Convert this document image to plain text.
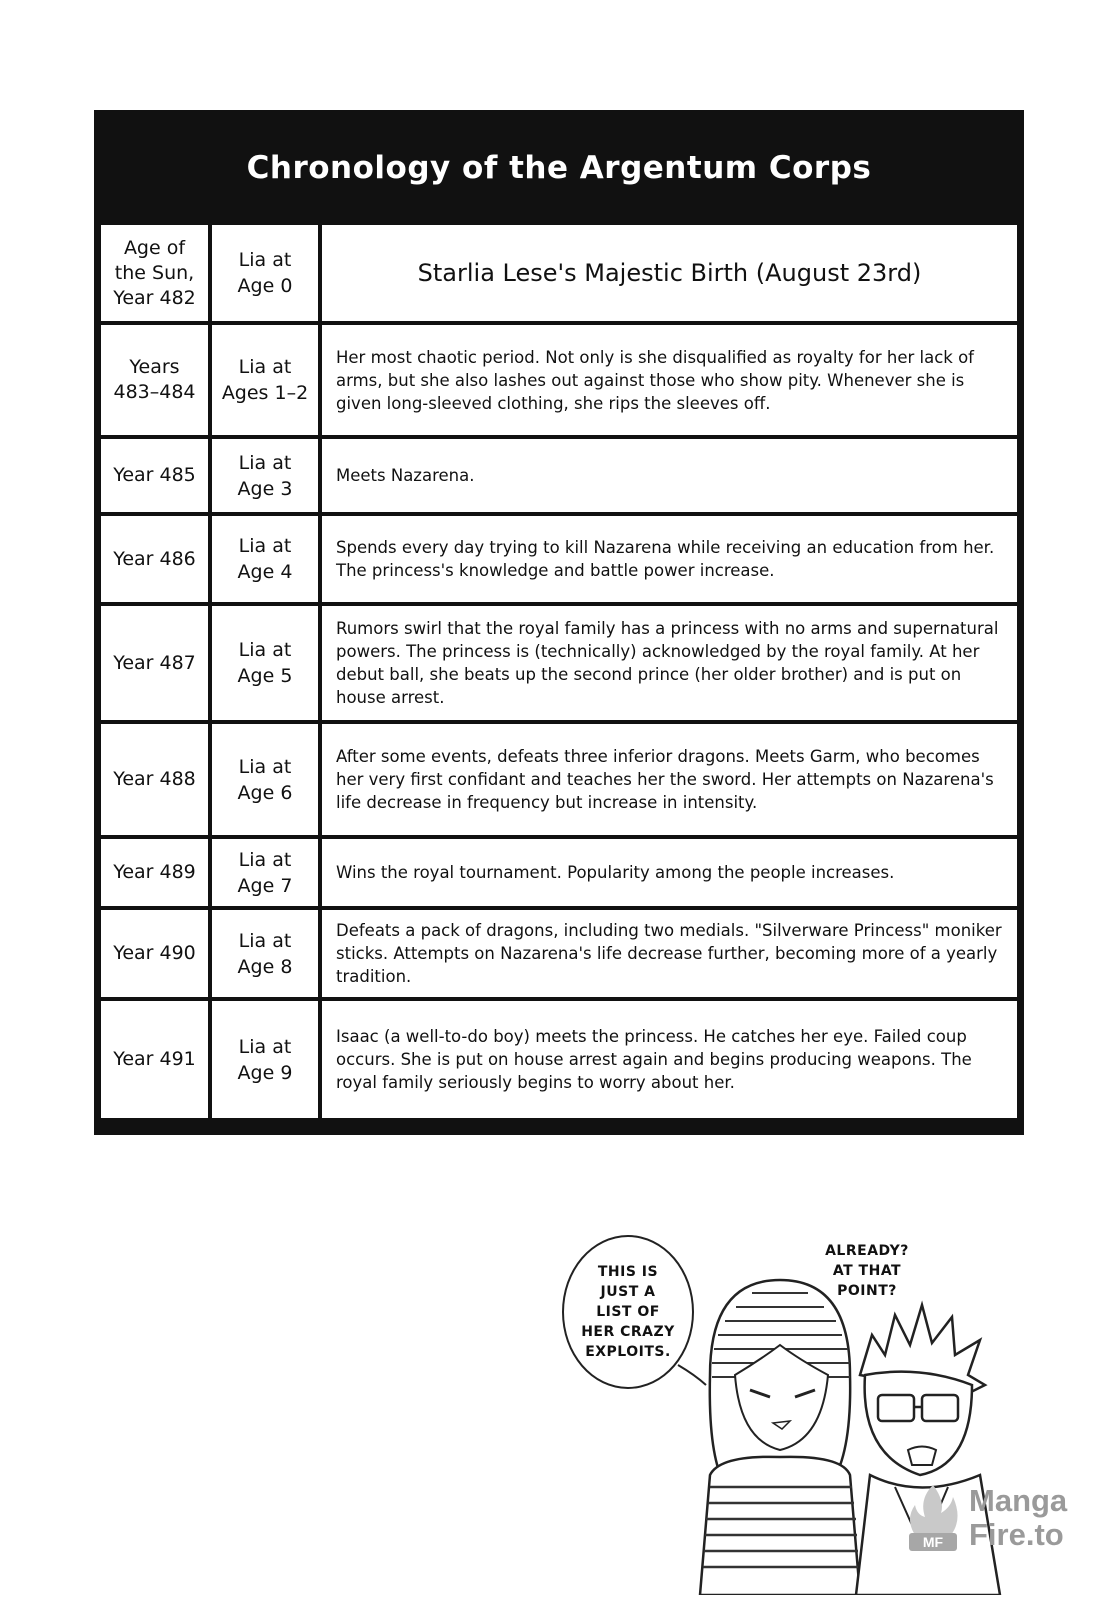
Chronology of the Argentum Corps
Age of
the Sun,
Year 482
Lia at
Age 0	Starlia Lese's Majestic Birth (August 23rd)
Years
483–484
Lia at
Ages 1–2
Her most chaotic period. Not only is she disqualified as royalty for her lack of arms, but she also lashes out against those who show pity. Whenever she is given long-sleeved clothing, she rips the sleeves off.
Year 485
Lia at
Age 3
Meets Nazarena.
Year 486
Lia at
Age 4
Spends every day trying to kill Nazarena while receiving an education from her. The princess's knowledge and battle power increase.
Year 487
Lia at
Age 5
Rumors swirl that the royal family has a princess with no arms and supernatural powers. The princess is (technically) acknowledged by the royal family. At her debut ball, she beats up the second prince (her older brother) and is put on house arrest.
Year 488
Lia at
Age 6
After some events, defeats three inferior dragons. Meets Garm, who becomes her very first confidant and teaches her the sword. Her attempts on Nazarena's life decrease in frequency but increase in intensity.
Year 489
Lia at
Age 7
Wins the royal tournament. Popularity among the people increases.
Year 490
Lia at
Age 8
Defeats a pack of dragons, including two medials. "Silverware Princess" moniker sticks. Attempts on Nazarena's life decrease further, becoming more of a yearly tradition.
Year 491
Lia at
Age 9
Isaac (a well-to-do boy) meets the princess. He catches her eye. Failed coup occurs. She is put on house arrest again and begins producing weapons. The royal family seriously begins to worry about her.
THIS IS
JUST A
LIST OF
HER CRAZY
EXPLOITS.
ALREADY?
AT THAT
POINT?
MF
Manga
Fire.to
